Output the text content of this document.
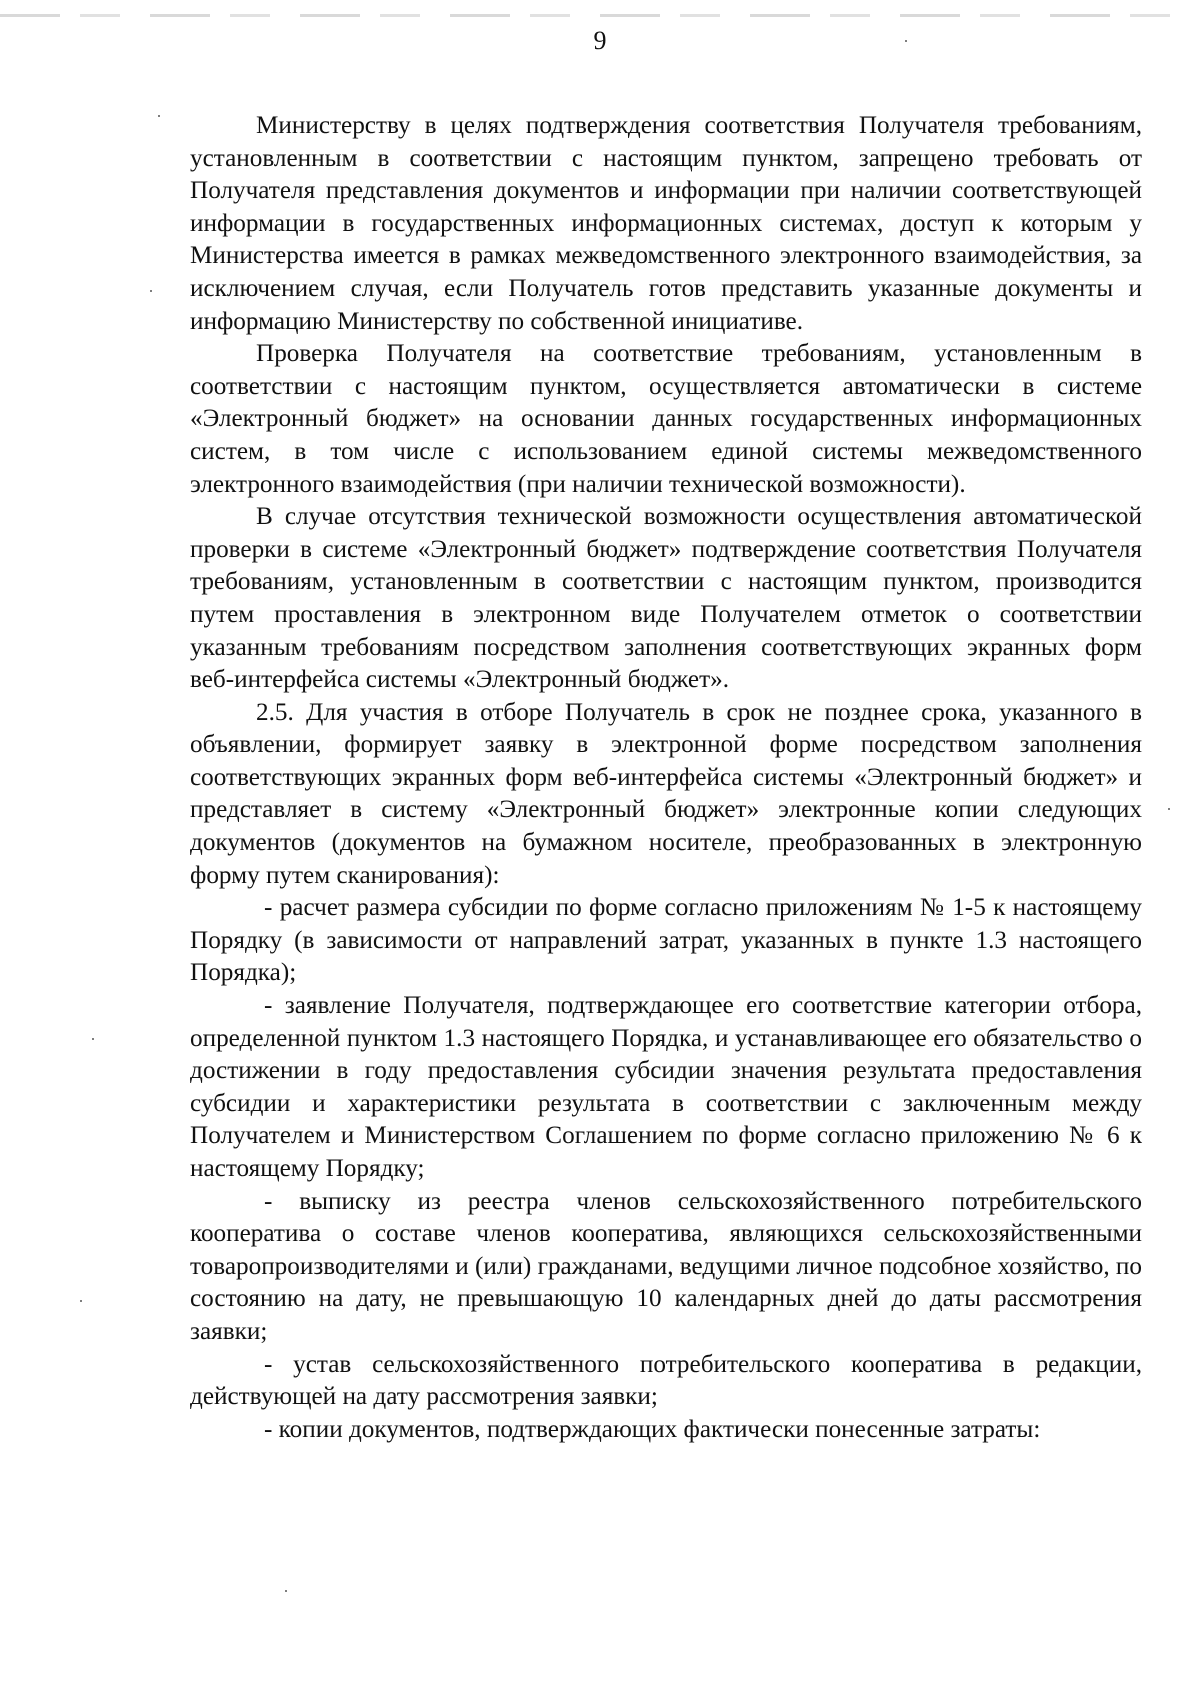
9

Министерству в целях подтверждения соответствия Получателя требованиям, установленным в соответствии с настоящим пунктом, запрещено требовать от Получателя представления документов и информации при наличии соответствующей информации в государственных информационных системах, доступ к которым у Министерства имеется в рамках межведомственного электронного взаимодействия, за исключением случая, если Получатель готов представить указанные документы и информацию Министерству по собственной инициативе.

Проверка Получателя на соответствие требованиям, установленным в соответствии с настоящим пунктом, осуществляется автоматически в системе «Электронный бюджет» на основании данных государственных информационных систем, в том числе с использованием единой системы межведомственного электронного взаимодействия (при наличии технической возможности).

В случае отсутствия технической возможности осуществления автоматической проверки в системе «Электронный бюджет» подтверждение соответствия Получателя требованиям, установленным в соответствии с настоящим пунктом, производится путем проставления в электронном виде Получателем отметок о соответствии указанным требованиям посредством заполнения соответствующих экранных форм веб-интерфейса системы «Электронный бюджет».

2.5. Для участия в отборе Получатель в срок не позднее срока, указанного в объявлении, формирует заявку в электронной форме посредством заполнения соответствующих экранных форм веб-интерфейса системы «Электронный бюджет» и представляет в систему «Электронный бюджет» электронные копии следующих документов (документов на бумажном носителе, преобразованных в электронную форму путем сканирования):

- расчет размера субсидии по форме согласно приложениям № 1-5 к настоящему Порядку (в зависимости от направлений затрат, указанных в пункте 1.3 настоящего Порядка);

- заявление Получателя, подтверждающее его соответствие категории отбора, определенной пунктом 1.3 настоящего Порядка, и устанавливающее его обязательство о достижении в году предоставления субсидии значения результата предоставления субсидии и характеристики результата в соответствии с заключенным между Получателем и Министерством Соглашением по форме согласно приложению № 6 к настоящему Порядку;

- выписку из реестра членов сельскохозяйственного потребительского кооператива о составе членов кооператива, являющихся сельскохозяйственными товаропроизводителями и (или) гражданами, ведущими личное подсобное хозяйство, по состоянию на дату, не превышающую 10 календарных дней до даты рассмотрения заявки;

- устав сельскохозяйственного потребительского кооператива в редакции, действующей на дату рассмотрения заявки;

- копии документов, подтверждающих фактически понесенные затраты:
